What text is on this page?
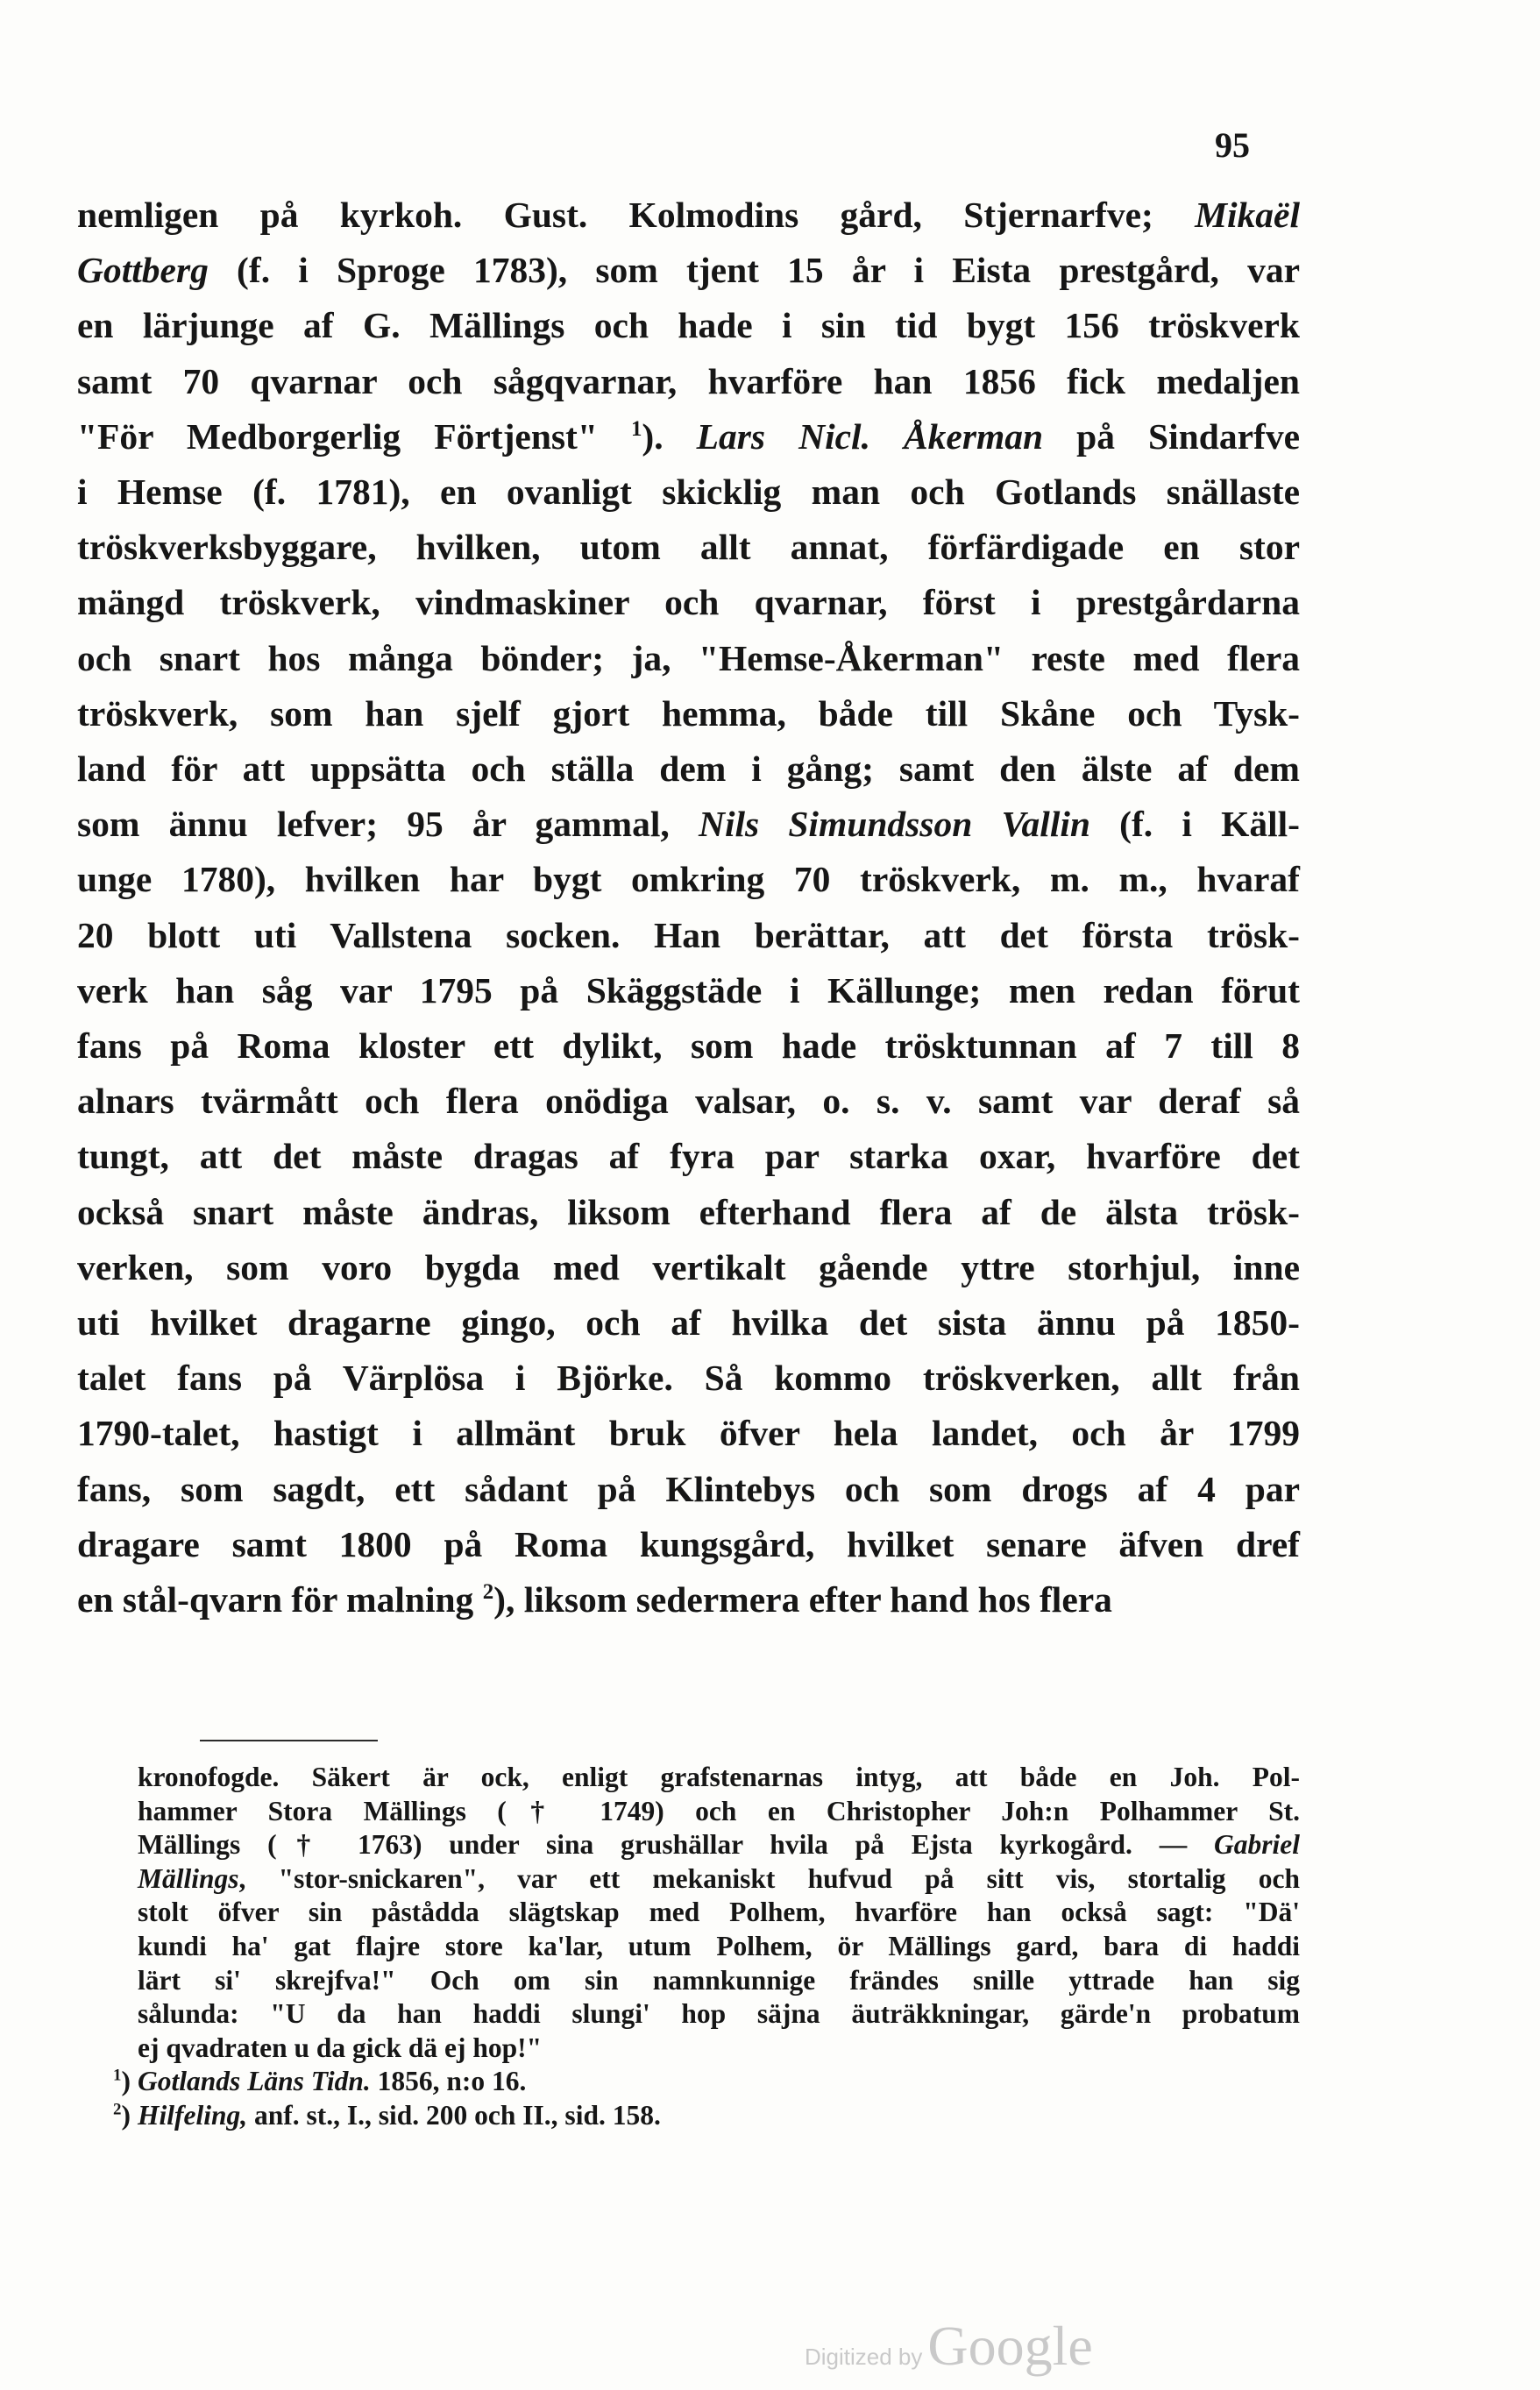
95
nemligen på kyrkoh. Gust. Kolmodins gård, Stjernarfve; Mikaël
Gottberg (f. i Sproge 1783), som tjent 15 år i Eista prestgård, var
en lärjunge af G. Mällings och hade i sin tid bygt 156 tröskverk
samt 70 qvarnar och sågqvarnar, hvarföre han 1856 fick medaljen
"För Medborgerlig Förtjenst" $^1$). Lars Nicl. Åkerman på Sindarfve
i Hemse (f. 1781), en ovanligt skicklig man och Gotlands snällaste
tröskverksbyggare, hvilken, utom allt annat, förfärdigade en stor
mängd tröskverk, vindmaskiner och qvarnar, först i prestgårdarna
och snart hos många bönder; ja, "Hemse-Åkerman" reste med flera
tröskverk, som han sjelf gjort hemma, både till Skåne och Tysk-
land för att uppsätta och ställa dem i gång; samt den älste af dem
som ännu lefver; 95 år gammal, Nils Simundsson Vallin (f. i Käll-
unge 1780), hvilken har bygt omkring 70 tröskverk, m. m., hvaraf
20 blott uti Vallstena socken. Han berättar, att det första trösk-
verk han såg var 1795 på Skäggstäde i Källunge; men redan förut
fans på Roma kloster ett dylikt, som hade trösktunnan af 7 till 8
alnars tvärmått och flera onödiga valsar, o. s. v. samt var deraf så
tungt, att det måste dragas af fyra par starka oxar, hvarföre det
också snart måste ändras, liksom efterhand flera af de älsta trösk-
verken, som voro bygda med vertikalt gående yttre storhjul, inne
uti hvilket dragarne gingo, och af hvilka det sista ännu på 1850-
talet fans på Värplösa i Björke. Så kommo tröskverken, allt från
1790-talet, hastigt i allmänt bruk öfver hela landet, och år 1799
fans, som sagdt, ett sådant på Klintebys och som drogs af 4 par
dragare samt 1800 på Roma kungsgård, hvilket senare äfven dref
en stål-qvarn för malning $^2$), liksom sedermera efter hand hos flera
kronofogde. Säkert är ock, enligt grafstenarnas intyg, att både en Joh. Pol-
hammer Stora Mällings († 1749) och en Christopher Joh:n Polhammer St.
Mällings († 1763) under sina grushällar hvila på Ejsta kyrkogård. — Gabriel
Mällings, "stor-snickaren", var ett mekaniskt hufvud på sitt vis, stortalig och
stolt öfver sin påstådda slägtskap med Polhem, hvarföre han också sagt: "Dä'
kundi ha' gat flajre store ka'lar, utum Polhem, ör Mällings gard, bara di haddi
lärt si' skrejfva!" Och om sin namnkunnige frändes snille yttrade han sig
sålunda: "U da han haddi slungi' hop säjna äuträkkningar, gärde'n probatum
ej qvadraten u da gick dä ej hop!"
$^1$) Gotlands Läns Tidn. 1856, n:o 16.
$^2$) Hilfeling, anf. st., I., sid. 200 och II., sid. 158.
Digitized byGoogle
